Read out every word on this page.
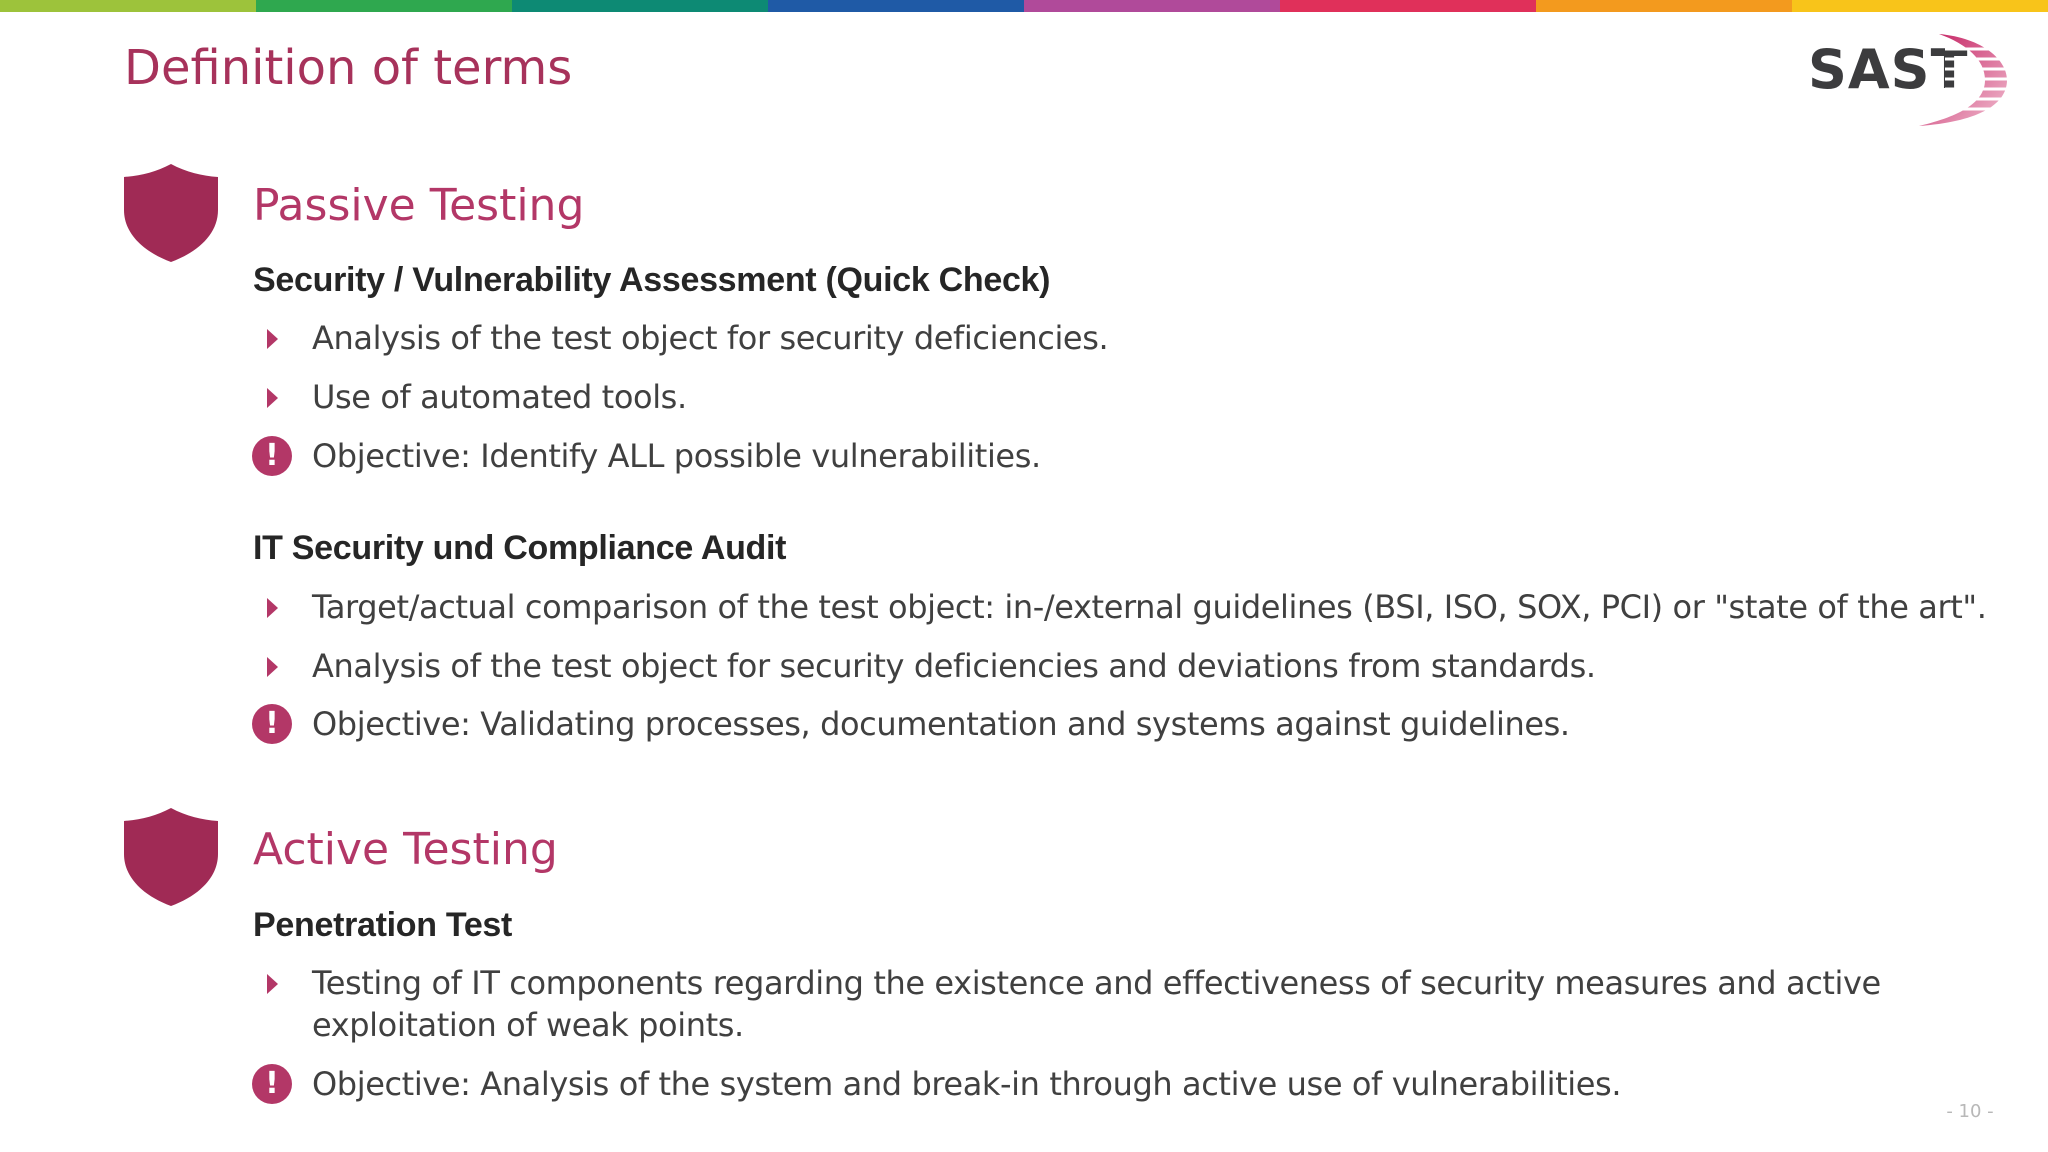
Definition of terms	SAST
Passive Testing
Security / Vulnerability Assessment (Quick Check)
Analysis of the test object for security deficiencies.
Use of automated tools.
!	Objective: Identify ALL possible vulnerabilities.
IT Security und Compliance Audit
Target/actual comparison of the test object: in-/external guidelines (BSI, ISO, SOX, PCI) or "state of the art".
Analysis of the test object for security deficiencies and deviations from standards.
!	Objective: Validating processes, documentation and systems against guidelines.
Active Testing
Penetration Test
Testing of IT components regarding the existence and effectiveness of security measures and active exploitation of weak points.
!	Objective: Analysis of the system and break-in through active use of vulnerabilities.
- 10 -
